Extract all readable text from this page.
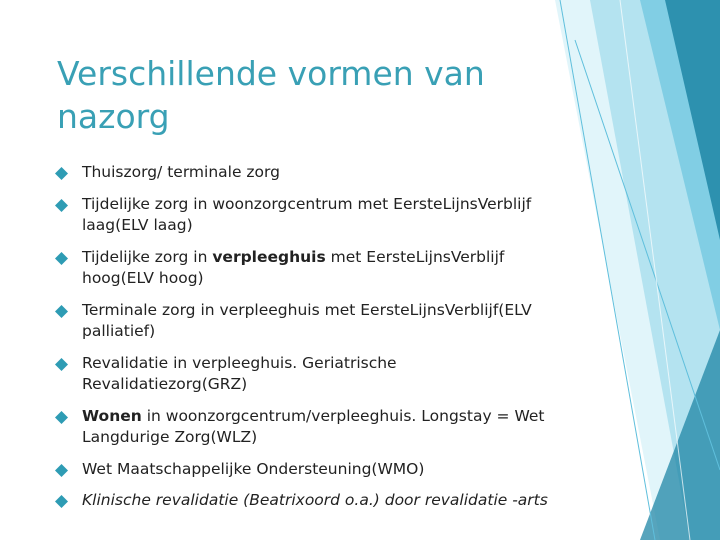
Verschillende vormen van nazorg
Thuiszorg/ terminale zorg
Tijdelijke zorg in woonzorgcentrum met EersteLijnsVerblijf laag(ELV laag)
Tijdelijke zorg in verpleeghuis met EersteLijnsVerblijf hoog(ELV hoog)
Terminale zorg in verpleeghuis met EersteLijnsVerblijf(ELV palliatief)
Revalidatie in verpleeghuis. Geriatrische Revalidatiezorg(GRZ)
Wonen in woonzorgcentrum/verpleeghuis. Longstay = Wet Langdurige Zorg(WLZ)
Wet Maatschappelijke Ondersteuning(WMO)
Klinische revalidatie (Beatrixoord o.a.) door revalidatie -arts
